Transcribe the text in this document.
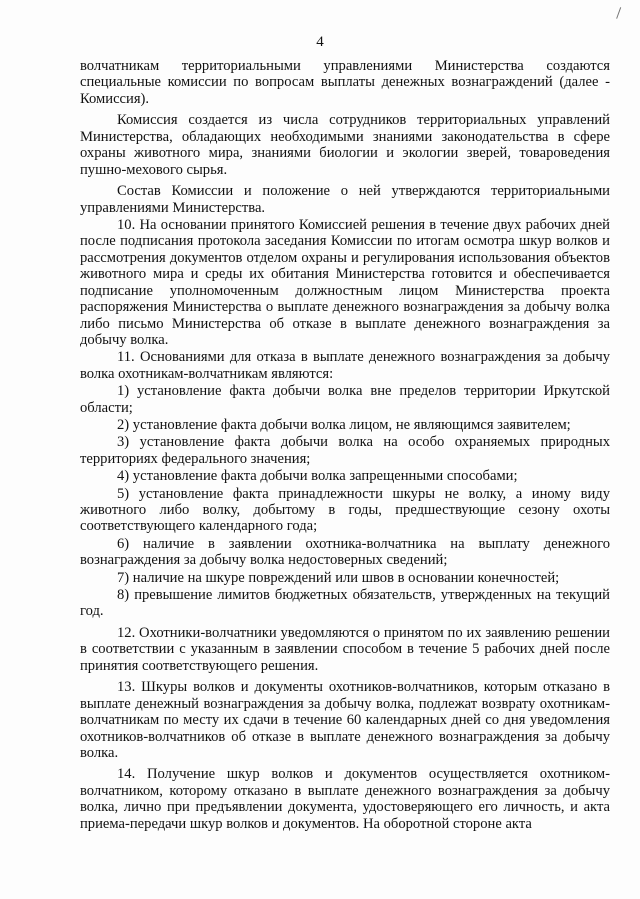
4

волчатникам территориальными управлениями Министерства создаются специальные комиссии по вопросам выплаты денежных вознаграждений (далее - Комиссия).

Комиссия создается из числа сотрудников территориальных управлений Министерства, обладающих необходимыми знаниями законодательства в сфере охраны животного мира, знаниями биологии и экологии зверей, товароведения пушно-мехового сырья.

Состав Комиссии и положение о ней утверждаются территориальными управлениями Министерства.

10. На основании принятого Комиссией решения в течение двух рабочих дней после подписания протокола заседания Комиссии по итогам осмотра шкур волков и рассмотрения документов отделом охраны и регулирования использования объектов животного мира и среды их обитания Министерства готовится и обеспечивается подписание уполномоченным должностным лицом Министерства проекта распоряжения Министерства о выплате денежного вознаграждения за добычу волка либо письмо Министерства об отказе в выплате денежного вознаграждения за добычу волка.

11. Основаниями для отказа в выплате денежного вознаграждения за добычу волка охотникам-волчатникам являются:

1) установление факта добычи волка вне пределов территории Иркутской области;

2) установление факта добычи волка лицом, не являющимся заявителем;

3) установление факта добычи волка на особо охраняемых природных территориях федерального значения;

4) установление факта добычи волка запрещенными способами;

5) установление факта принадлежности шкуры не волку, а иному виду животного либо волку, добытому в годы, предшествующие сезону охоты соответствующего календарного года;

6) наличие в заявлении охотника-волчатника на выплату денежного вознаграждения за добычу волка недостоверных сведений;

7) наличие на шкуре повреждений или швов в основании конечностей;

8) превышение лимитов бюджетных обязательств, утвержденных на текущий год.

12. Охотники-волчатники уведомляются о принятом по их заявлению решении в соответствии с указанным в заявлении способом в течение 5 рабочих дней после принятия соответствующего решения.

13. Шкуры волков и документы охотников-волчатников, которым отказано в выплате денежный вознаграждения за добычу волка, подлежат возврату охотникам-волчатникам по месту их сдачи в течение 60 календарных дней со дня уведомления охотников-волчатников об отказе в выплате денежного вознаграждения за добычу волка.

14. Получение шкур волков и документов осуществляется охотником-волчатником, которому отказано в выплате денежного вознаграждения за добычу волка, лично при предъявлении документа, удостоверяющего его личность, и акта приема-передачи шкур волков и документов. На оборотной стороне акта
